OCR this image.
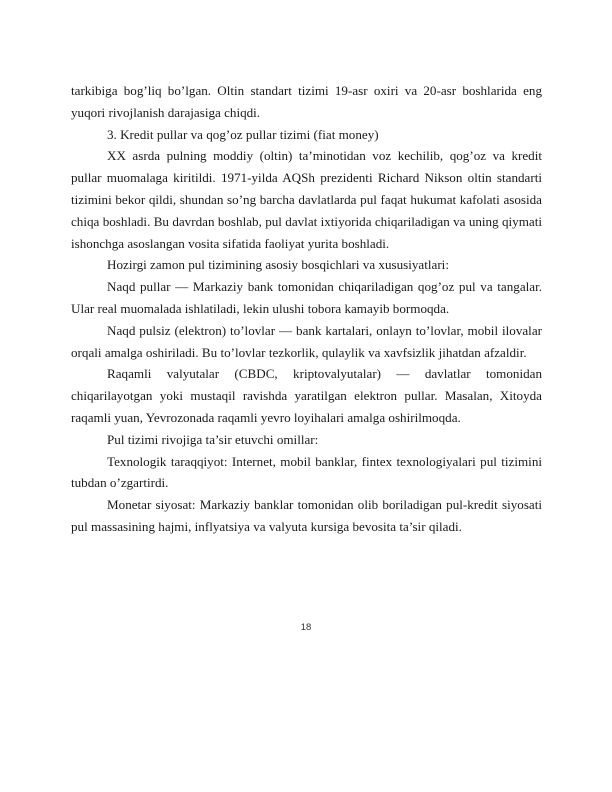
tarkibiga bog’liq bo’lgan. Oltin standart tizimi 19-asr oxiri va 20-asr boshlarida eng yuqori rivojlanish darajasiga chiqdi.

3. Kredit pullar va qog’oz pullar tizimi (fiat money)

XX asrda pulning moddiy (oltin) ta’minotidan voz kechilib, qog’oz va kredit pullar muomalaga kiritildi. 1971-yilda AQSh prezidenti Richard Nikson oltin standarti tizimini bekor qildi, shundan so’ng barcha davlatlarda pul faqat hukumat kafolati asosida chiqa boshladi. Bu davrdan boshlab, pul davlat ixtiyorida chiqariladigan va uning qiymati ishonchga asoslangan vosita sifatida faoliyat yurita boshladi.

Hozirgi zamon pul tizimining asosiy bosqichlari va xususiyatlari:

Naqd pullar — Markaziy bank tomonidan chiqariladigan qog’oz pul va tangalar. Ular real muomalada ishlatiladi, lekin ulushi tobora kamayib bormoqda.

Naqd pulsiz (elektron) to’lovlar — bank kartalari, onlayn to’lovlar, mobil ilovalar orqali amalga oshiriladi. Bu to’lovlar tezkorlik, qulaylik va xavfsizlik jihatdan afzaldir.

Raqamli valyutalar (CBDC, kriptovalyutalar) — davlatlar tomonidan chiqarilayotgan yoki mustaqil ravishda yaratilgan elektron pullar. Masalan, Xitoyda raqamli yuan, Yevrozonada raqamli yevro loyihalari amalga oshirilmoqda.

Pul tizimi rivojiga ta’sir etuvchi omillar:

Texnologik taraqqiyot: Internet, mobil banklar, fintex texnologiyalari pul tizimini tubdan o’zgartirdi.

Monetar siyosat: Markaziy banklar tomonidan olib boriladigan pul-kredit siyosati pul massasining hajmi, inflyatsiya va valyuta kursiga bevosita ta’sir qiladi.

18
